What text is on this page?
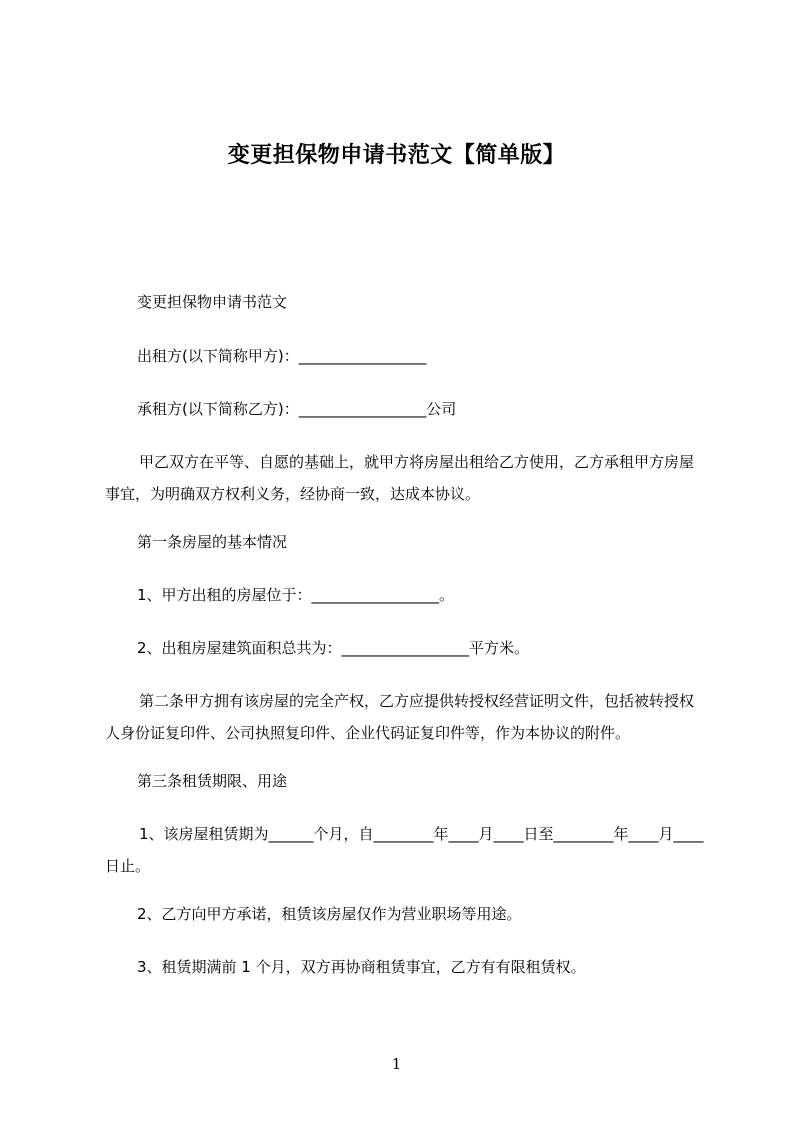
变更担保物申请书范文【简单版】
变更担保物申请书范文
出租方(以下简称甲方)：_________________
承租方(以下简称乙方)：_________________公司
甲乙双方在平等、自愿的基础上，就甲方将房屋出租给乙方使用，乙方承租甲方房屋事宜，为明确双方权利义务，经协商一致，达成本协议。
第一条房屋的基本情况
1、甲方出租的房屋位于：_________________。
2、出租房屋建筑面积总共为：_________________平方米。
第二条甲方拥有该房屋的完全产权，乙方应提供转授权经营证明文件，包括被转授权人身份证复印件、公司执照复印件、企业代码证复印件等，作为本协议的附件。
第三条租赁期限、用途
1、该房屋租赁期为______个月，自________年____月____日至________年____月____日止。
2、乙方向甲方承诺，租赁该房屋仅作为营业职场等用途。
3、租赁期满前 1 个月，双方再协商租赁事宜，乙方有有限租赁权。
1
